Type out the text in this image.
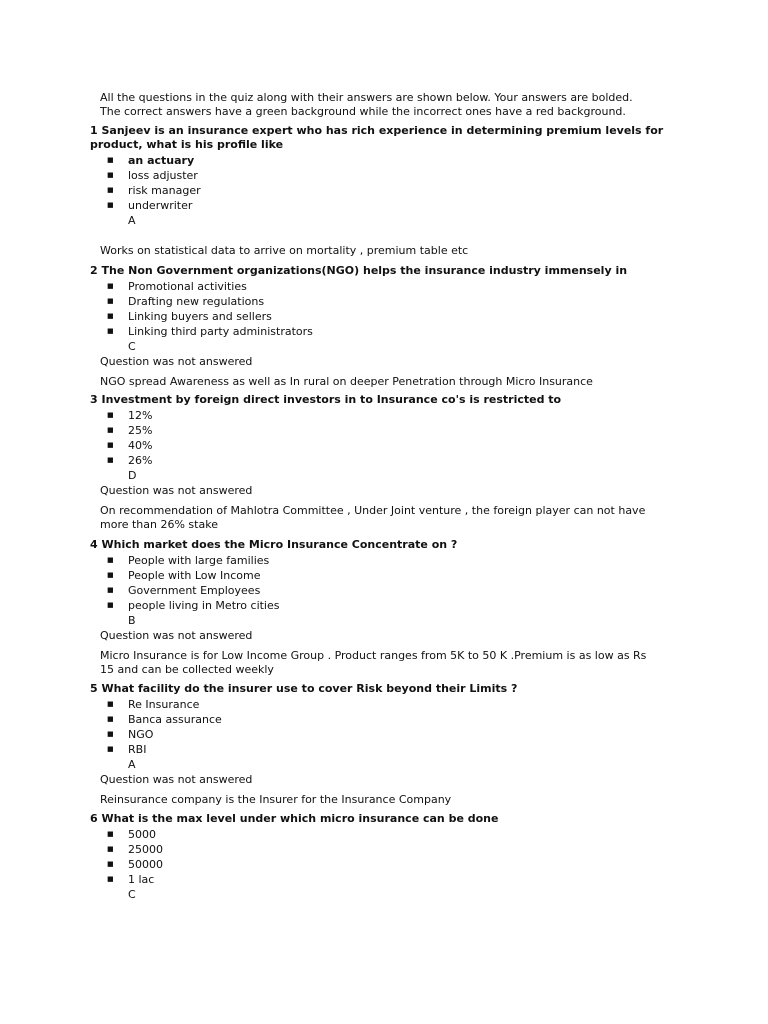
All the questions in the quiz along with their answers are shown below. Your answers are bolded.
The correct answers have a green background while the incorrect ones have a red background.
1 Sanjeev is an insurance expert who has rich experience in determining premium levels for
product, what is his profile like
■ an actuary
■ loss adjuster
■ risk manager
■ underwriter
A
Works on statistical data to arrive on mortality , premium table etc
2 The Non Government organizations(NGO) helps the insurance industry immensely in
■ Promotional activities
■ Drafting new regulations
■ Linking buyers and sellers
■ Linking third party administrators
C
Question was not answered
NGO spread Awareness as well as In rural on deeper Penetration through Micro Insurance
3 Investment by foreign direct investors in to Insurance co's is restricted to
■ 12%
■ 25%
■ 40%
■ 26%
D
Question was not answered
On recommendation of Mahlotra Committee , Under Joint venture , the foreign player can not have
more than 26% stake
4 Which market does the Micro Insurance Concentrate on ?
■ People with large families
■ People with Low Income
■ Government Employees
■ people living in Metro cities
B
Question was not answered
Micro Insurance is for Low Income Group . Product ranges from 5K to 50 K .Premium is as low as Rs
15 and can be collected weekly
5 What facility do the insurer use to cover Risk beyond their Limits ?
■ Re Insurance
■ Banca assurance
■ NGO
■ RBI
A
Question was not answered
Reinsurance company is the Insurer for the Insurance Company
6 What is the max level under which micro insurance can be done
■ 5000
■ 25000
■ 50000
■ 1 lac
C
